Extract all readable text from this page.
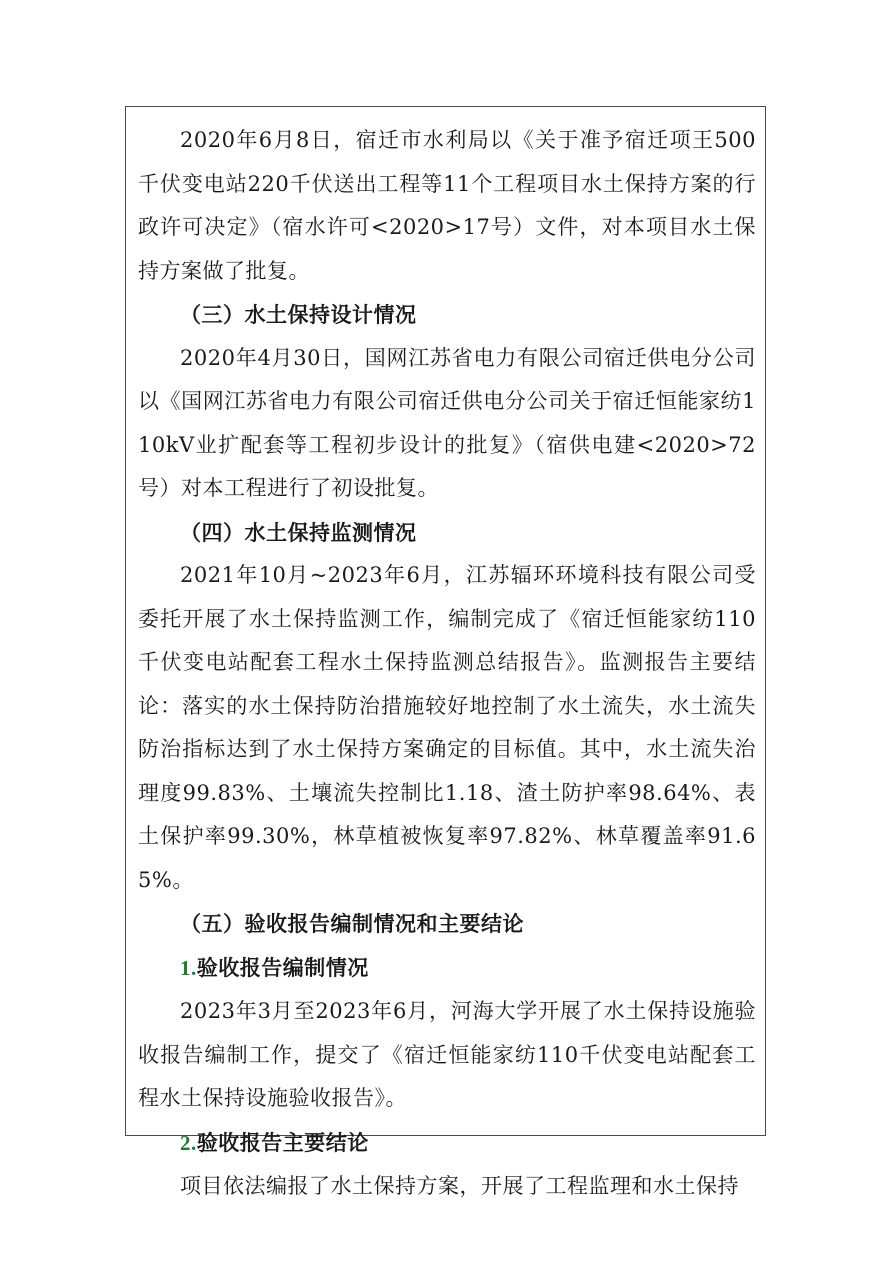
2020年6月8日，宿迁市水利局以《关于准予宿迁项王500千伏变电站220千伏送出工程等11个工程项目水土保持方案的行政许可决定》（宿水许可<2020>17号）文件，对本项目水土保持方案做了批复。

（三）水土保持设计情况

2020年4月30日，国网江苏省电力有限公司宿迁供电分公司以《国网江苏省电力有限公司宿迁供电分公司关于宿迁恒能家纺110kV业扩配套等工程初步设计的批复》（宿供电建<2020>72号）对本工程进行了初设批复。

（四）水土保持监测情况

2021年10月~2023年6月，江苏辐环环境科技有限公司受委托开展了水土保持监测工作，编制完成了《宿迁恒能家纺110千伏变电站配套工程水土保持监测总结报告》。监测报告主要结论：落实的水土保持防治措施较好地控制了水土流失，水土流失防治指标达到了水土保持方案确定的目标值。其中，水土流失治理度99.83%、土壤流失控制比1.18、渣土防护率98.64%、表土保护率99.30%，林草植被恢复率97.82%、林草覆盖率91.65%。

（五）验收报告编制情况和主要结论

1.验收报告编制情况

2023年3月至2023年6月，河海大学开展了水土保持设施验收报告编制工作，提交了《宿迁恒能家纺110千伏变电站配套工程水土保持设施验收报告》。

2.验收报告主要结论

项目依法编报了水土保持方案，开展了工程监理和水土保持
